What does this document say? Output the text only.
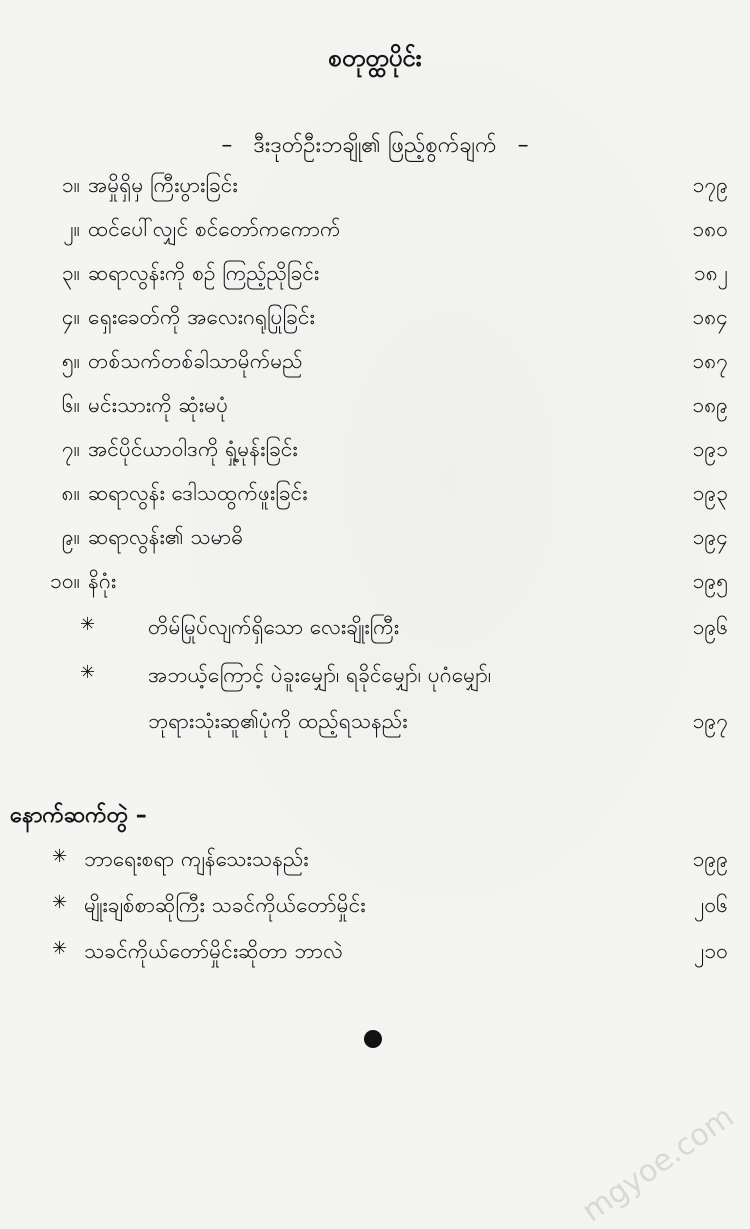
စတုတ္ထပိုင်း
– ဒီးဒုတ်ဦးဘချို၏ ဖြည့်စွက်ချက် –
၁။ အမှိုရှိမှ ကြီးပွားခြင်း	၁၇၉
၂။ ထင်ပေါ်လျှင် စင်တော်ကကောက်	၁၈၀
၃။ ဆရာလွန်းကို စဥ် ကြည့်ညိုခြင်း	၁၈၂
၄။ ရှေးခေတ်ကို အလေးဂရုပြုခြင်း	၁၈၄
၅။ တစ်သက်တစ်ခါသာမိုက်မည်	၁၈၇
၆။ မင်းသားကို ဆုံးမပုံ	၁၈၉
၇။ အင်ပိုင်ယာဝါဒကို ရှုံ့မုန်းခြင်း	၁၉၁
၈။ ဆရာလွန်း ဒေါသထွက်ဖူးခြင်း	၁၉၃
၉။ ဆရာလွန်း၏ သမာဓိ	၁၉၄
၁၀။ နိဂုံး	၁၉၅
✳	တိမ်မြုပ်လျက်ရှိသော လေးချိုးကြီး	၁၉၆
✳	အဘယ့်ကြောင့် ပဲခူးမျှော်၊ ရခိုင်မျှော်၊ ပုဂံမျှော်၊
ဘုရားသုံးဆူ၏ပုံကို ထည့်ရသနည်း	၁၉၇
နောက်ဆက်တွဲ –
✳ ဘာရေးစရာ ကျန်သေးသနည်း	၁၉၉
✳ မျိုးချစ်စာဆိုကြီး သခင်ကိုယ်တော်မှိုင်း	၂၀၆
✳ သခင်ကိုယ်တော်မှိုင်းဆိုတာ ဘာလဲ	၂၁၀
mgyoe.com
